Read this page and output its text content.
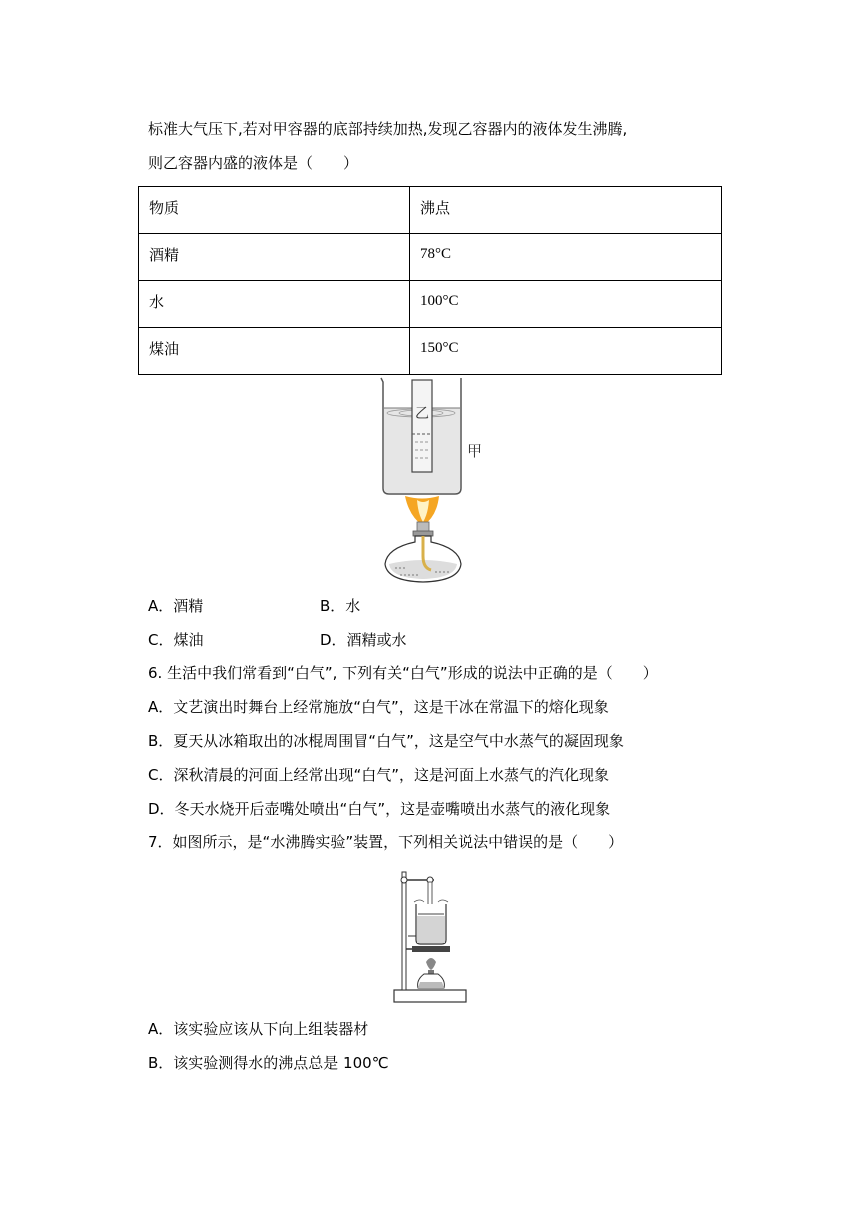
标准大气压下,若对甲容器的底部持续加热,发现乙容器内的液体发生沸腾,
则乙容器内盛的液体是（　　）
物质	沸点

酒精	78°C

水	100°C

煤油	150°C
乙
甲
A．酒精	B．水
C．煤油	D．酒精或水
6. 生活中我们常看到“白气”, 下列有关“白气”形成的说法中正确的是（　　）
A．文艺演出时舞台上经常施放“白气”，这是干冰在常温下的熔化现象
B．夏天从冰箱取出的冰棍周围冒“白气”，这是空气中水蒸气的凝固现象
C．深秋清晨的河面上经常出现“白气”，这是河面上水蒸气的汽化现象
D．冬天水烧开后壶嘴处喷出“白气”，这是壶嘴喷出水蒸气的液化现象
7．如图所示，是“水沸腾实验”装置，下列相关说法中错误的是（　　）
A．该实验应该从下向上组装器材
B．该实验测得水的沸点总是 100℃
